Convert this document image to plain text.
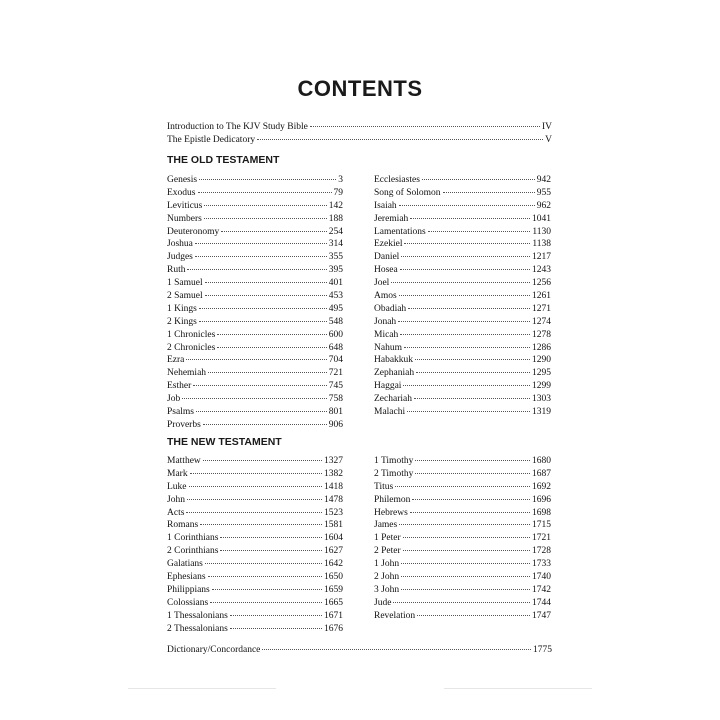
CONTENTS
Introduction to The KJV Study Bible	IV
The Epistle Dedicatory	V
THE OLD TESTAMENT
Genesis	3
Exodus	79
Leviticus	142
Numbers	188
Deuteronomy	254
Joshua	314
Judges	355
Ruth	395
1 Samuel	401
2 Samuel	453
1 Kings	495
2 Kings	548
1 Chronicles	600
2 Chronicles	648
Ezra	704
Nehemiah	721
Esther	745
Job	758
Psalms	801
Proverbs	906
Ecclesiastes	942
Song of Solomon	955
Isaiah	962
Jeremiah	1041
Lamentations	1130
Ezekiel	1138
Daniel	1217
Hosea	1243
Joel	1256
Amos	1261
Obadiah	1271
Jonah	1274
Micah	1278
Nahum	1286
Habakkuk	1290
Zephaniah	1295
Haggai	1299
Zechariah	1303
Malachi	1319
THE NEW TESTAMENT
Matthew	1327
Mark	1382
Luke	1418
John	1478
Acts	1523
Romans	1581
1 Corinthians	1604
2 Corinthians	1627
Galatians	1642
Ephesians	1650
Philippians	1659
Colossians	1665
1 Thessalonians	1671
2 Thessalonians	1676
1 Timothy	1680
2 Timothy	1687
Titus	1692
Philemon	1696
Hebrews	1698
James	1715
1 Peter	1721
2 Peter	1728
1 John	1733
2 John	1740
3 John	1742
Jude	1744
Revelation	1747
Dictionary/Concordance	1775
